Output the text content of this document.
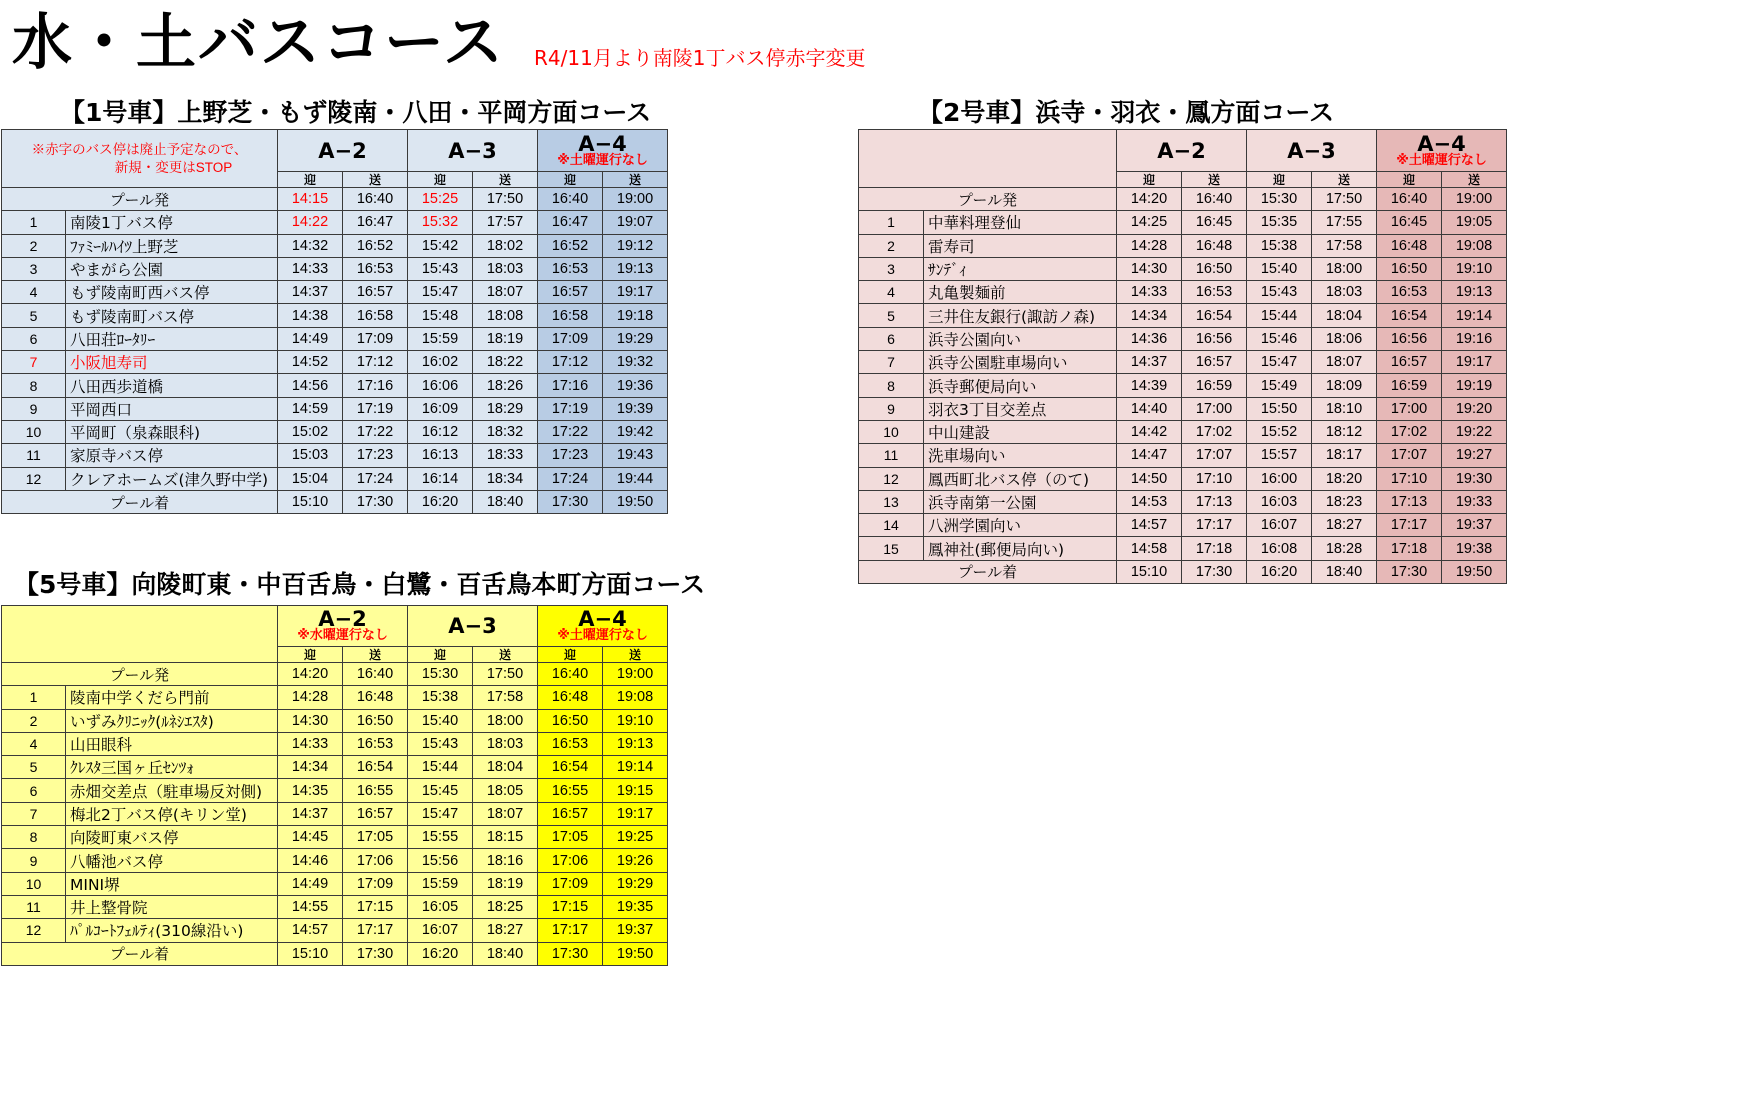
水・土バスコース R4/11月より南陵1丁バス停赤字変更
【1号車】上野芝・もず陵南・八田・平岡方面コース
※赤字のバス停は廃止予定なので、
新規・変更はSTOP		A−2		A−3		A−4
※土曜運行なし	

		迎	送	迎	送	迎	送
プール発		14:15	16:40	15:25	17:50	16:40	19:00
1	南陵1丁バス停	14:22	16:47	15:32	17:57	16:47	19:07
2	ﾌｧﾐｰﾙﾊｲﾂ上野芝	14:32	16:52	15:42	18:02	16:52	19:12
3	やまがら公園	14:33	16:53	15:43	18:03	16:53	19:13
4	もず陵南町西バス停	14:37	16:57	15:47	18:07	16:57	19:17
5	もず陵南町バス停	14:38	16:58	15:48	18:08	16:58	19:18
6	八田荘ﾛｰﾀﾘｰ	14:49	17:09	15:59	18:19	17:09	19:29
7	小阪旭寿司	14:52	17:12	16:02	18:22	17:12	19:32
8	八田西歩道橋	14:56	17:16	16:06	18:26	17:16	19:36
9	平岡西口	14:59	17:19	16:09	18:29	17:19	19:39
10	平岡町（泉森眼科)	15:02	17:22	16:12	18:32	17:22	19:42
11	家原寺バス停	15:03	17:23	16:13	18:33	17:23	19:43
12	クレアホームズ(津久野中学)	15:04	17:24	16:14	18:34	17:24	19:44
プール着		15:10	17:30	16:20	18:40	17:30	19:50
【2号車】浜寺・羽衣・鳳方面コース

		A−2		A−3		A−4
※土曜運行なし	

		迎	送	迎	送	迎	送
プール発		14:20	16:40	15:30	17:50	16:40	19:00
1	中華料理登仙	14:25	16:45	15:35	17:55	16:45	19:05
2	雷寿司	14:28	16:48	15:38	17:58	16:48	19:08
3	ｻﾝﾃﾞｨ	14:30	16:50	15:40	18:00	16:50	19:10
4	丸亀製麺前	14:33	16:53	15:43	18:03	16:53	19:13
5	三井住友銀行(諏訪ノ森)	14:34	16:54	15:44	18:04	16:54	19:14
6	浜寺公園向い	14:36	16:56	15:46	18:06	16:56	19:16
7	浜寺公園駐車場向い	14:37	16:57	15:47	18:07	16:57	19:17
8	浜寺郵便局向い	14:39	16:59	15:49	18:09	16:59	19:19
9	羽衣3丁目交差点	14:40	17:00	15:50	18:10	17:00	19:20
10	中山建設	14:42	17:02	15:52	18:12	17:02	19:22
11	洗車場向い	14:47	17:07	15:57	18:17	17:07	19:27
12	鳳西町北バス停（のて)	14:50	17:10	16:00	18:20	17:10	19:30
13	浜寺南第一公園	14:53	17:13	16:03	18:23	17:13	19:33
14	八洲学園向い	14:57	17:17	16:07	18:27	17:17	19:37
15	鳳神社(郵便局向い)	14:58	17:18	16:08	18:28	17:18	19:38
プール着		15:10	17:30	16:20	18:40	17:30	19:50
【5号車】向陵町東・中百舌鳥・白鷺・百舌鳥本町方面コース

		A−2
※水曜運行なし		A−3		A−4
※土曜運行なし	

		迎	送	迎	送	迎	送
プール発		14:20	16:40	15:30	17:50	16:40	19:00
1	陵南中学くだら門前	14:28	16:48	15:38	17:58	16:48	19:08
2	いずみｸﾘﾆｯｸ(ﾙﾈｼｴｽﾀ)	14:30	16:50	15:40	18:00	16:50	19:10
4	山田眼科	14:33	16:53	15:43	18:03	16:53	19:13
5	ｸﾚｽﾀ三国ヶ丘ｾﾝﾂｫ	14:34	16:54	15:44	18:04	16:54	19:14
6	赤畑交差点（駐車場反対側)	14:35	16:55	15:45	18:05	16:55	19:15
7	梅北2丁バス停(キリン堂)	14:37	16:57	15:47	18:07	16:57	19:17
8	向陵町東バス停	14:45	17:05	15:55	18:15	17:05	19:25
9	八幡池バス停	14:46	17:06	15:56	18:16	17:06	19:26
10	MINI堺	14:49	17:09	15:59	18:19	17:09	19:29
11	井上整骨院	14:55	17:15	16:05	18:25	17:15	19:35
12	ﾊﾟﾙｺｰﾄﾌｪﾙﾃｨ(310線沿い)	14:57	17:17	16:07	18:27	17:17	19:37
プール着		15:10	17:30	16:20	18:40	17:30	19:50
